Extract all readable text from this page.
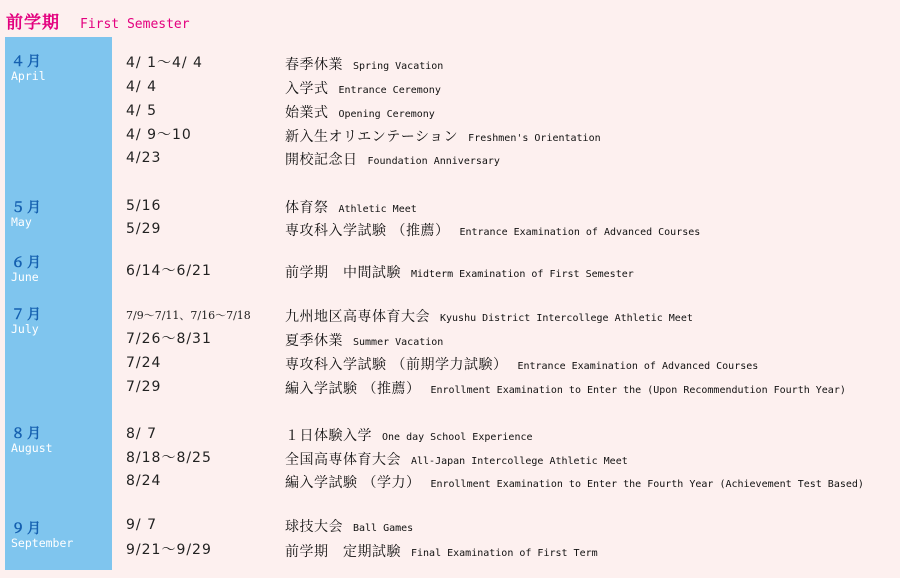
前学期 First Semester
４月
April
4/ 1〜4/ 4	春季休業 Spring Vacation
4/ 4	入学式 Entrance Ceremony
4/ 5	始業式 Opening Ceremony
4/ 9〜10	新入生オリエンテーション Freshmen's Orientation
4/23	開校記念日 Foundation Anniversary
５月
May
5/16	体育祭 Athletic Meet
5/29	専攻科入学試験 （推薦） Entrance Examination of Advanced Courses
６月
June	6/14〜6/21	前学期　中間試験 Midterm Examination of First Semester
７月
July
7/9〜7/11、7/16〜7/18 九州地区高専体育大会 Kyushu District Intercollege Athletic Meet
7/26〜8/31	夏季休業 Summer Vacation
7/24	専攻科入学試験 （前期学力試験） Entrance Examination of Advanced Courses
7/29	編入学試験 （推薦） Enrollment Examination to Enter the (Upon Recommendution Fourth Year)
８月
August
8/ 7	１日体験入学 One day School Experience
8/18〜8/25	全国高専体育大会 All-Japan Intercollege Athletic Meet
8/24	編入学試験 （学力） Enrollment Examination to Enter the Fourth Year (Achievement Test Based)
９月
September
9/ 7	球技大会 Ball Games
9/21〜9/29	前学期　定期試験 Final Examination of First Term
